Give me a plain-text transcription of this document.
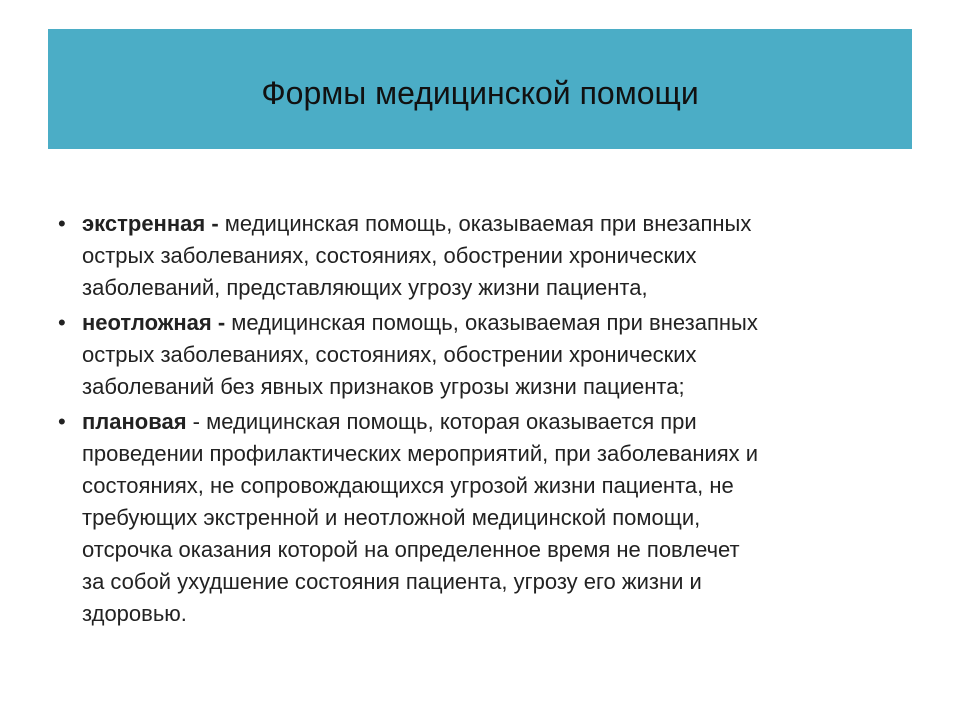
Формы медицинской помощи
• экстренная - медицинская помощь, оказываемая при внезапных
острых заболеваниях, состояниях, обострении хронических
заболеваний, представляющих угрозу жизни пациента,
• неотложная - медицинская помощь, оказываемая при внезапных
острых заболеваниях, состояниях, обострении хронических
заболеваний без явных признаков угрозы жизни пациента;
• плановая - медицинская помощь, которая оказывается при
проведении профилактических мероприятий, при заболеваниях и
состояниях, не сопровождающихся угрозой жизни пациента, не
требующих экстренной и неотложной медицинской помощи,
отсрочка оказания которой на определенное время не повлечет
за собой ухудшение состояния пациента, угрозу его жизни и
здоровью.
